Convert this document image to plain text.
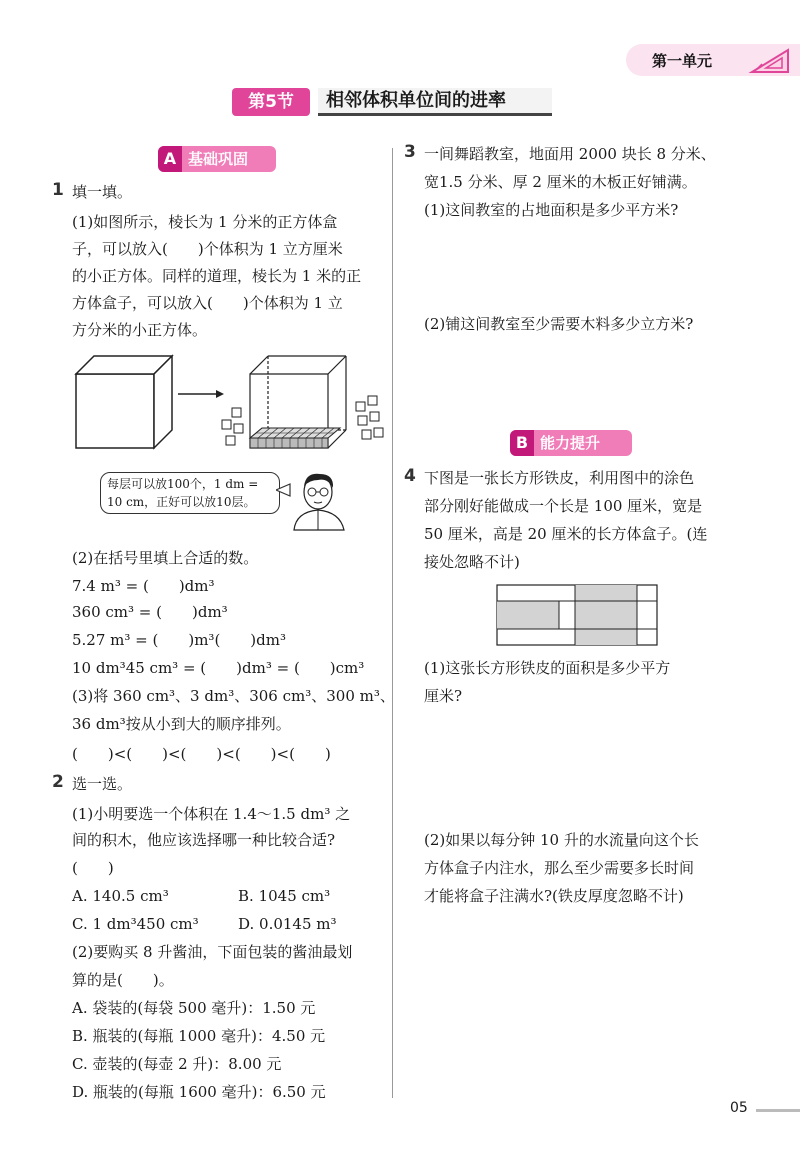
第一单元
第5节	相邻体积单位间的进率
A 基础巩固
1 填一填。
(1)如图所示，棱长为 1 分米的正方体盒
子，可以放入(　　)个体积为 1 立方厘米
的小正方体。同样的道理，棱长为 1 米的正
方体盒子，可以放入(　　)个体积为 1 立
方分米的小正方体。
每层可以放100个，1 dm =
10 cm，正好可以放10层。
(2)在括号里填上合适的数。
7.4 m³ = (　　)dm³
360 cm³ = (　　)dm³
5.27 m³ = (　　)m³(　　)dm³
10 dm³45 cm³ = (　　)dm³ = (　　)cm³
(3)将 360 cm³、3 dm³、306 cm³、300 m³、
36 dm³按从小到大的顺序排列。
(　　)<(　　)<(　　)<(　　)<(　　)
2 选一选。
(1)小明要选一个体积在 1.4～1.5 dm³ 之
间的积木，他应该选择哪一种比较合适?
(　　)
A. 140.5 cm³	B. 1045 cm³
C. 1 dm³450 cm³	D. 0.0145 m³
(2)要购买 8 升酱油，下面包装的酱油最划
算的是(　　)。
A. 袋装的(每袋 500 毫升)：1.50 元
B. 瓶装的(每瓶 1000 毫升)：4.50 元
C. 壶装的(每壶 2 升)：8.00 元
D. 瓶装的(每瓶 1600 毫升)：6.50 元
3 一间舞蹈教室，地面用 2000 块长 8 分米、
宽1.5 分米、厚 2 厘米的木板正好铺满。
(1)这间教室的占地面积是多少平方米?
(2)铺这间教室至少需要木料多少立方米?
B 能力提升
4 下图是一张长方形铁皮，利用图中的涂色
部分刚好能做成一个长是 100 厘米，宽是
50 厘米，高是 20 厘米的长方体盒子。(连
接处忽略不计)
(1)这张长方形铁皮的面积是多少平方
厘米?
(2)如果以每分钟 10 升的水流量向这个长
方体盒子内注水，那么至少需要多长时间
才能将盒子注满水?(铁皮厚度忽略不计)
05
